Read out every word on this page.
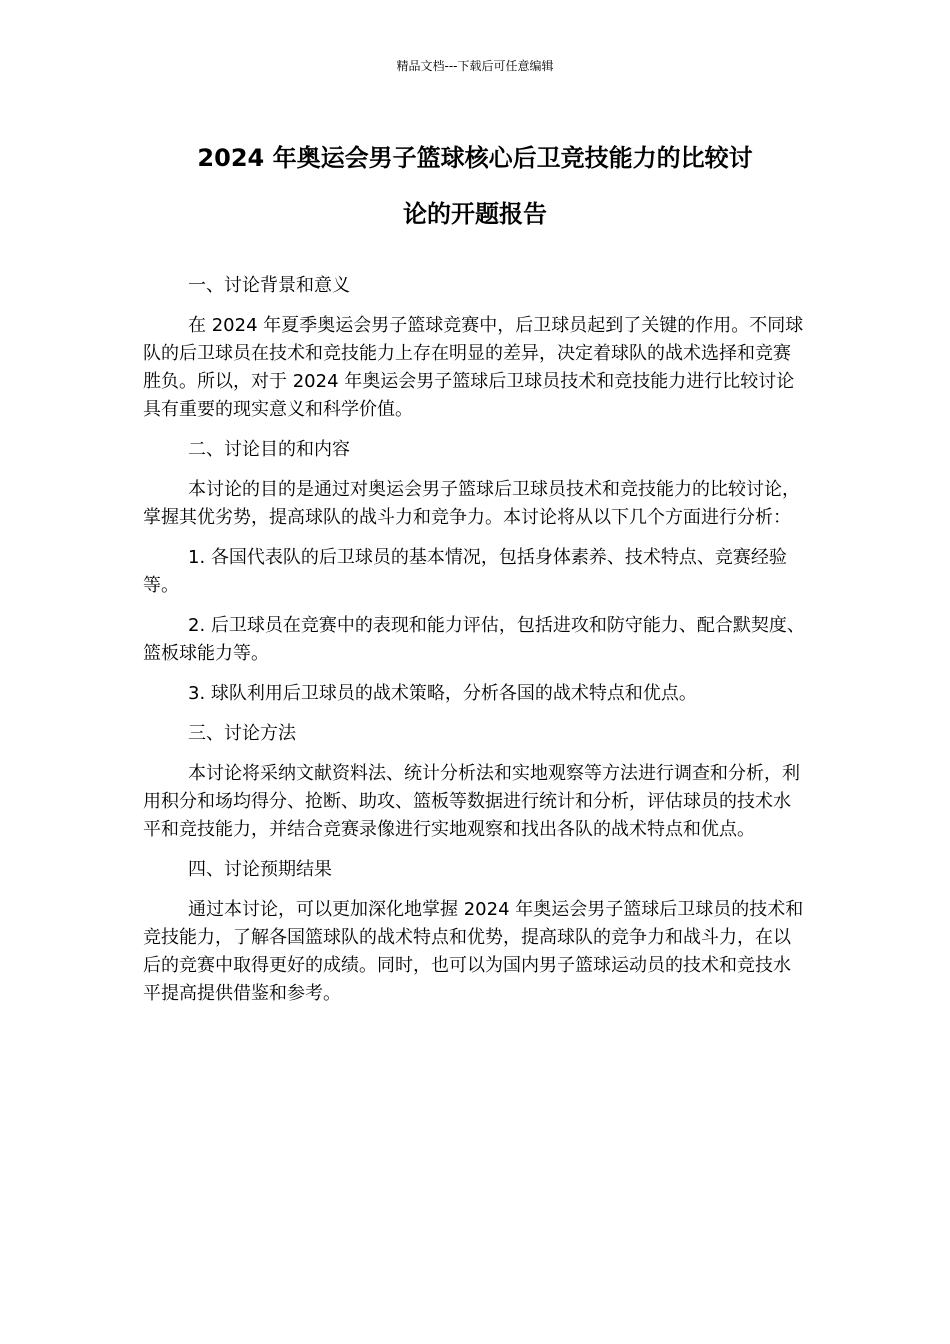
精品文档---下载后可任意编辑
2024 年奥运会男子篮球核心后卫竞技能力的比较讨
论的开题报告

一、讨论背景和意义

在 2024 年夏季奥运会男子篮球竞赛中，后卫球员起到了关键的作用。不同球队的后卫球员在技术和竞技能力上存在明显的差异，决定着球队的战术选择和竞赛胜负。所以，对于 2024 年奥运会男子篮球后卫球员技术和竞技能力进行比较讨论具有重要的现实意义和科学价值。

二、讨论目的和内容

本讨论的目的是通过对奥运会男子篮球后卫球员技术和竞技能力的比较讨论，掌握其优劣势，提高球队的战斗力和竞争力。本讨论将从以下几个方面进行分析：

1. 各国代表队的后卫球员的基本情况，包括身体素养、技术特点、竞赛经验等。

2. 后卫球员在竞赛中的表现和能力评估，包括进攻和防守能力、配合默契度、篮板球能力等。

3. 球队利用后卫球员的战术策略，分析各国的战术特点和优点。

三、讨论方法

本讨论将采纳文献资料法、统计分析法和实地观察等方法进行调查和分析，利用积分和场均得分、抢断、助攻、篮板等数据进行统计和分析，评估球员的技术水平和竞技能力，并结合竞赛录像进行实地观察和找出各队的战术特点和优点。

四、讨论预期结果

通过本讨论，可以更加深化地掌握 2024 年奥运会男子篮球后卫球员的技术和竞技能力，了解各国篮球队的战术特点和优势，提高球队的竞争力和战斗力，在以后的竞赛中取得更好的成绩。同时，也可以为国内男子篮球运动员的技术和竞技水平提高提供借鉴和参考。
